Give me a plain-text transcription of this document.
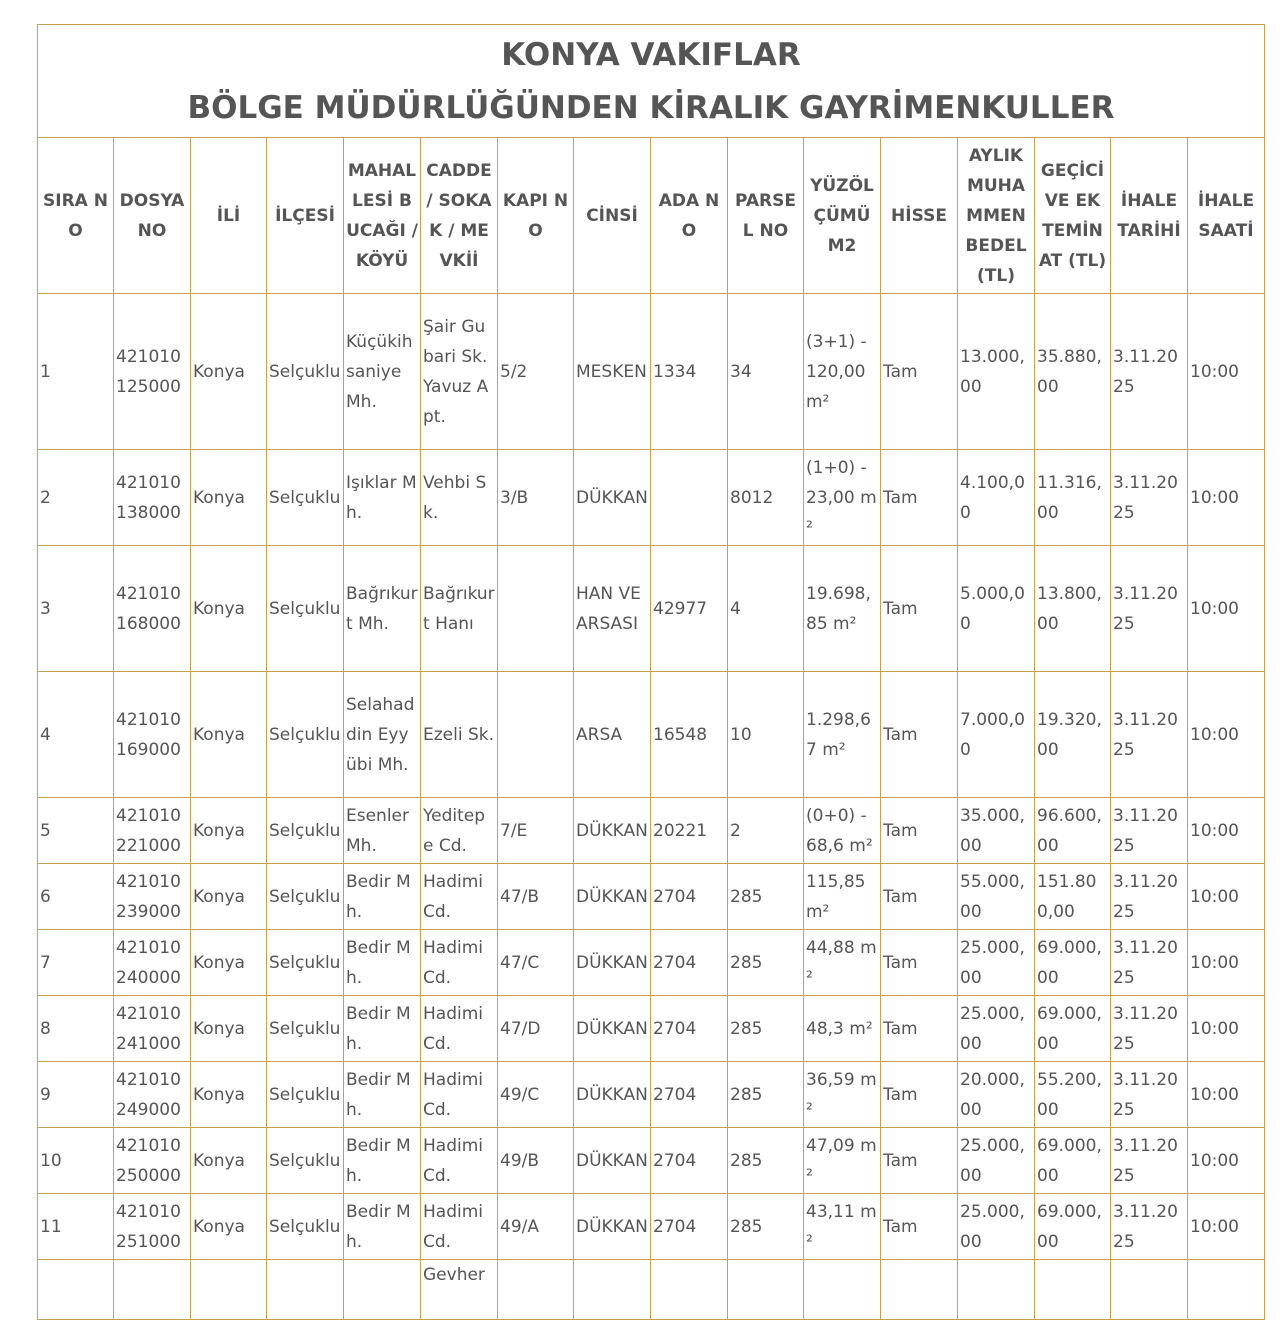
KONYA VAKIFLAR
BÖLGE MÜDÜRLÜĞÜNDEN KİRALIK GAYRİMENKULLER															

SIRA NO	DOSYA NO	İLİ	İLÇESİ	MAHALLESİ BUCAĞI / KÖYÜ	CADDE / SOKAK / MEVKİİ	KAPI NO	CİNSİ	ADA NO	PARSEL NO	YÜZÖLÇÜMÜ M2	HİSSE	AYLIK MUHAMMEN BEDEL (TL)	GEÇİCİ VE EK TEMİNAT (TL)	İHALE TARİHİ	İHALE SAATİ
1	421010125000	Konya	Selçuklu	Küçükihsaniye Mh.	Şair Gubari Sk. Yavuz Apt.	5/2	MESKEN	1334	34	(3+1) - 120,00 m²	Tam	13.000,00	35.880,00	3.11.2025	10:00
2	421010138000	Konya	Selçuklu	Işıklar Mh.	Vehbi Sk.	3/B	DÜKKAN		8012	(1+0) - 23,00 m²	Tam	4.100,00	11.316,00	3.11.2025	10:00
3	421010168000	Konya	Selçuklu	Bağrıkurt Mh.	Bağrıkurt Hanı		HAN VE ARSASI	42977	4	19.698,85 m²	Tam	5.000,00	13.800,00	3.11.2025	10:00
4	421010169000	Konya	Selçuklu	Selahaddin Eyyübi Mh.	Ezeli Sk.		ARSA	16548	10	1.298,67 m²	Tam	7.000,00	19.320,00	3.11.2025	10:00
5	421010221000	Konya	Selçuklu	Esenler Mh.	Yeditepe Cd.	7/E	DÜKKAN	20221	2	(0+0) - 68,6 m²	Tam	35.000,00	96.600,00	3.11.2025	10:00
6	421010239000	Konya	Selçuklu	Bedir Mh.	Hadimi Cd.	47/B	DÜKKAN	2704	285	115,85 m²	Tam	55.000,00	151.800,00	3.11.2025	10:00
7	421010240000	Konya	Selçuklu	Bedir Mh.	Hadimi Cd.	47/C	DÜKKAN	2704	285	44,88 m²	Tam	25.000,00	69.000,00	3.11.2025	10:00
8	421010241000	Konya	Selçuklu	Bedir Mh.	Hadimi Cd.	47/D	DÜKKAN	2704	285	48,3 m²	Tam	25.000,00	69.000,00	3.11.2025	10:00
9	421010249000	Konya	Selçuklu	Bedir Mh.	Hadimi Cd.	49/C	DÜKKAN	2704	285	36,59 m²	Tam	20.000,00	55.200,00	3.11.2025	10:00
10	421010250000	Konya	Selçuklu	Bedir Mh.	Hadimi Cd.	49/B	DÜKKAN	2704	285	47,09 m²	Tam	25.000,00	69.000,00	3.11.2025	10:00
11	421010251000	Konya	Selçuklu	Bedir Mh.	Hadimi Cd.	49/A	DÜKKAN	2704	285	43,11 m²	Tam	25.000,00	69.000,00	3.11.2025	10:00
					Gevher										
